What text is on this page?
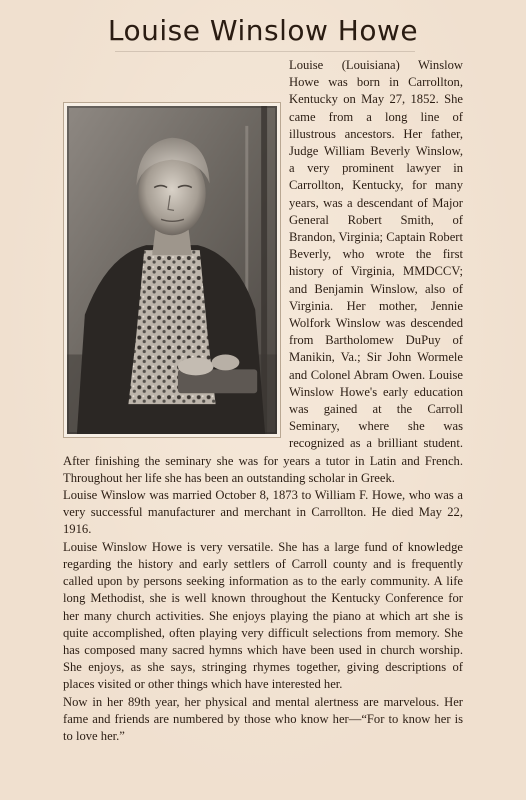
Louise Winslow Howe

Louise (Louisiana) Winslow Howe was born in Carrollton, Kentucky on May 27, 1852. She came from a long line of illustrous ancestors. Her father, Judge William Beverly Winslow, a very prominent lawyer in Carrollton, Kentucky, for many years, was a descendant of Major General Robert Smith, of Brandon, Virginia; Captain Robert Beverly, who wrote the first history of Virginia, MMDCCV; and Benjamin Winslow, also of Virginia. Her mother, Jennie Wolfork Winslow was descended from Bartholomew DuPuy of Manikin, Va.; Sir John Wormele and Colonel Abram Owen. Louise Winslow Howe's early education was gained at the Carroll Seminary, where she was recognized as a brilliant student. After finishing the seminary she was for years a tutor in Latin and French. Throughout her life she has been an outstanding scholar in Greek.

Louise Winslow was married October 8, 1873 to William F. Howe, who was a very successful manufacturer and merchant in Carrollton. He died May 22, 1916.

Louise Winslow Howe is very versatile. She has a large fund of knowledge regarding the history and early settlers of Carroll county and is frequently called upon by persons seeking information as to the early community. A life long Methodist, she is well known throughout the Kentucky Conference for her many church activities. She enjoys playing the piano at which art she is quite accomplished, often playing very difficult selections from memory. She has composed many sacred hymns which have been used in church worship. She enjoys, as she says, stringing rhymes together, giving descriptions of places visited or other things which have interested her.

Now in her 89th year, her physical and mental alertness are marvelous. Her fame and friends are numbered by those who know her—“For to know her is to love her.”
